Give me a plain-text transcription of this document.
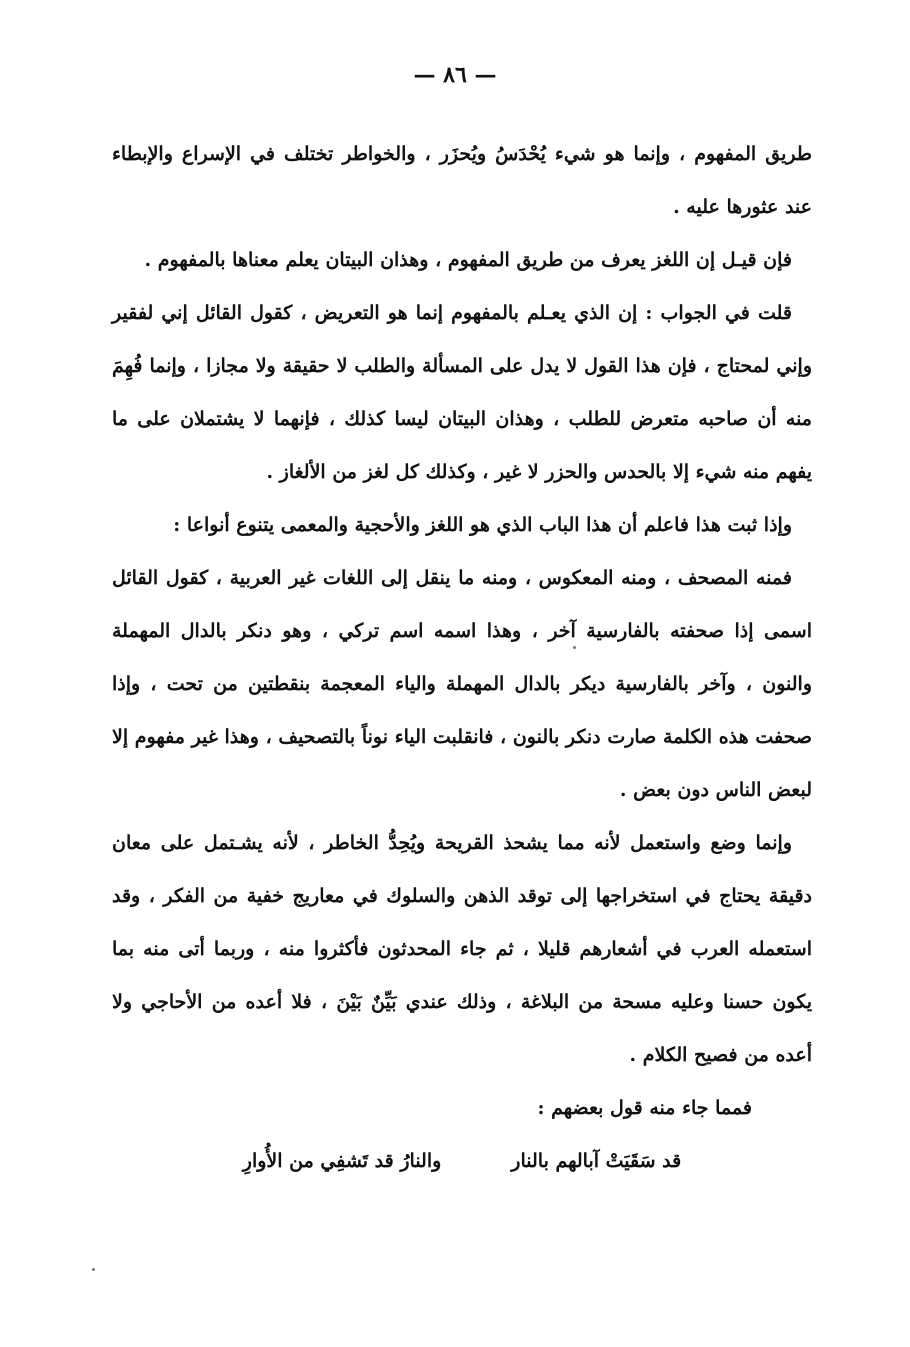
— ٨٦ —

طريق المفهوم ، وإنما هو شيء يُحْدَسُ ويُحزَر ، والخواطر تختلف في الإسراع والإبطاء عند عثورها عليه .

فإن قيـل إن اللغز يعرف من طريق المفهوم ، وهذان البيتان يعلم معناها بالمفهوم .

قلت في الجواب : إن الذي يعـلم بالمفهوم إنما هو التعريض ، كقول القائل إني لفقير وإني لمحتاج ، فإن هذا القول لا يدل على المسألة والطلب لا حقيقة ولا مجازا ، وإنما فُهِمَ منه أن صاحبه متعرض للطلب ، وهذان البيتان ليسا كذلك ، فإنهما لا يشتملان على ما يفهم منه شيء إلا بالحدس والحزر لا غير ، وكذلك كل لغز من الألغاز .

وإذا ثبت هذا فاعلم أن هذا الباب الذي هو اللغز والأحجية والمعمى يتنوع أنواعا :

فمنه المصحف ، ومنه المعكوس ، ومنه ما ينقل إلى اللغات غير العربية ، كقول القائل اسمى إذا صحفته بالفارسية آخر ، وهذا اسمه اسم تركي ، وهو دنكر بالدال المهملة والنون ، وآخر بالفارسية ديكر بالدال المهملة والياء المعجمة بنقطتين من تحت ، وإذا صحفت هذه الكلمة صارت دنكر بالنون ، فانقلبت الياء نوناً بالتصحيف ، وهذا غير مفهوم إلا لبعض الناس دون بعض .

وإنما وضع واستعمل لأنه مما يشحذ القريحة ويُحِدُّ الخاطر ، لأنه يشـتمل على معان دقيقة يحتاج في استخراجها إلى توقد الذهن والسلوك في معاريج خفية من الفكر ، وقد استعمله العرب في أشعارهم قليلا ، ثم جاء المحدثون فأكثروا منه ، وربما أتى منه بما يكون حسنا وعليه مسحة من البلاغة ، وذلك عندي بَيِّنٌ بَيْنَ ، فلا أعده من الأحاجي ولا أعده من فصيح الكلام .

فمما جاء منه قول بعضهم :

قد سَقَيَتْ آبالهم بالنار
والنارُ قد تَشفِي من الأُوارِ
